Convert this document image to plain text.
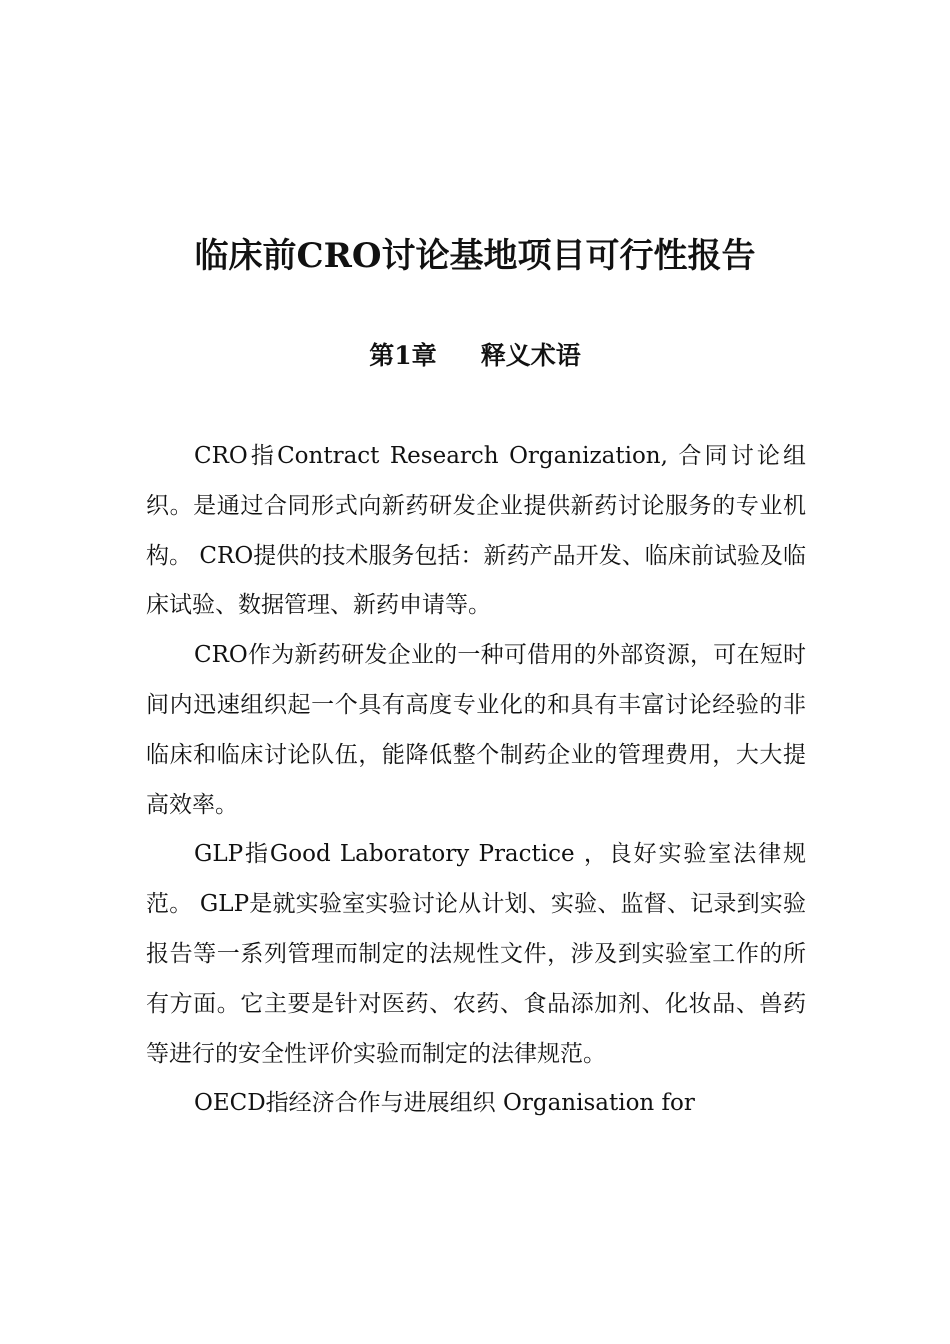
临床前CRO讨论基地项目可行性报告
第1章 释义术语

CRO指Contract Research Organization, 合同讨论组织。是通过合同形式向新药研发企业提供新药讨论服务的专业机构。 CRO提供的技术服务包括：新药产品开发、临床前试验及临床试验、数据管理、新药申请等。

CRO作为新药研发企业的一种可借用的外部资源，可在短时间内迅速组织起一个具有高度专业化的和具有丰富讨论经验的非临床和临床讨论队伍，能降低整个制药企业的管理费用，大大提高效率。

GLP指Good Laboratory Practice ，良好实验室法律规范。 GLP是就实验室实验讨论从计划、实验、监督、记录到实验报告等一系列管理而制定的法规性文件，涉及到实验室工作的所有方面。它主要是针对医药、农药、食品添加剂、化妆品、兽药等进行的安全性评价实验而制定的法律规范。

OECD指经济合作与进展组织 Organisation for
